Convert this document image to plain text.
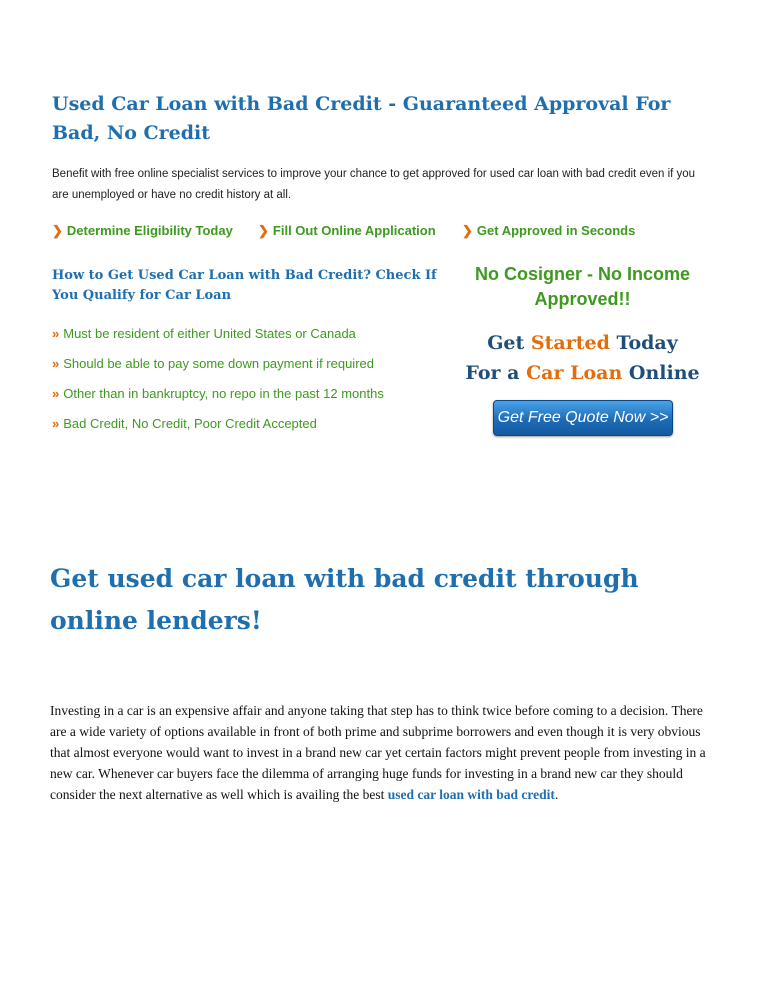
Used Car Loan with Bad Credit - Guaranteed Approval For Bad, No Credit

Benefit with free online specialist services to improve your chance to get approved for used car loan with bad credit even if you are unemployed or have no credit history at all.

❯ Determine Eligibility Today ❯ Fill Out Online Application ❯ Get Approved in Seconds
How to Get Used Car Loan with Bad Credit? Check If You Qualify for Car Loan
» Must be resident of either United States or Canada
» Should be able to pay some down payment if required
» Other than in bankruptcy, no repo in the past 12 months
» Bad Credit, No Credit, Poor Credit Accepted
No Cosigner - No Income Approved!!
Get Started Today
For a Car Loan Online
Get Free Quote Now >>
Get used car loan with bad credit through online lenders!

Investing in a car is an expensive affair and anyone taking that step has to think twice before coming to a decision. There are a wide variety of options available in front of both prime and subprime borrowers and even though it is very obvious that almost everyone would want to invest in a brand new car yet certain factors might prevent people from investing in a new car. Whenever car buyers face the dilemma of arranging huge funds for investing in a brand new car they should consider the next alternative as well which is availing the best used car loan with bad credit.
